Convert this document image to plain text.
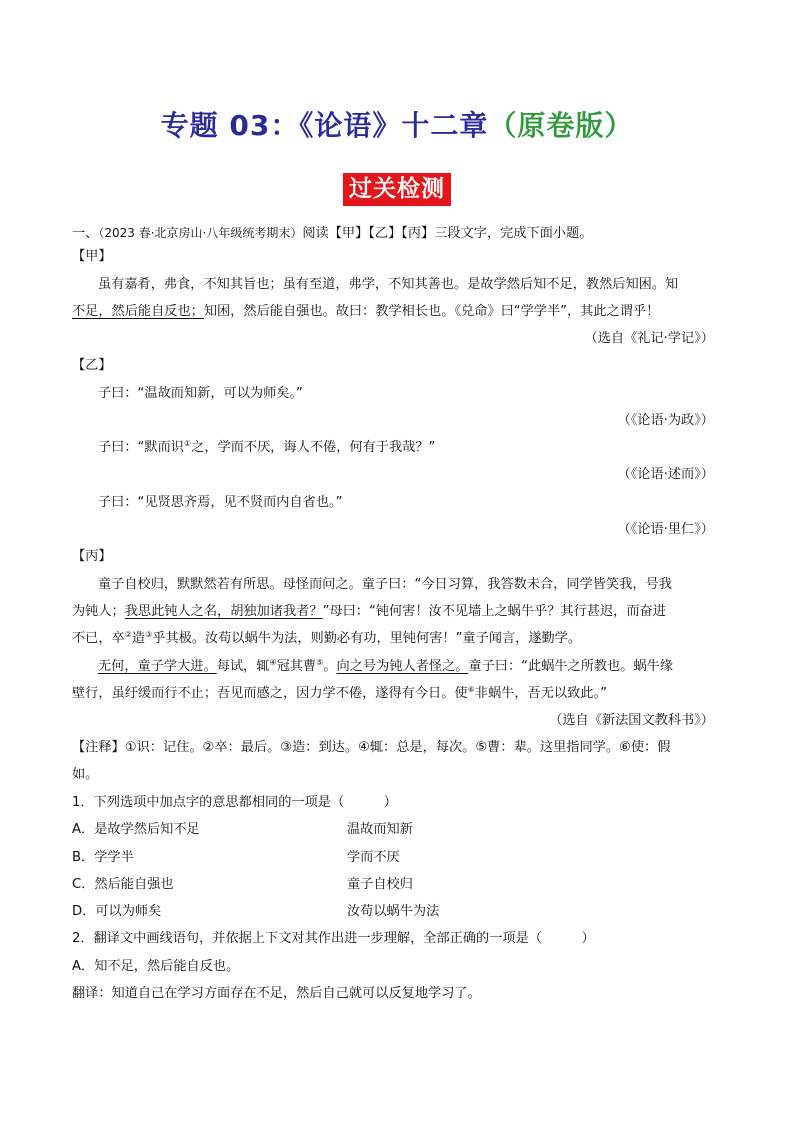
专题 03：《论语》十二章（原卷版）
过关检测
一、（2023 春·北京房山·八年级统考期末）阅读【甲】【乙】【丙】三段文字，完成下面小题。
【甲】
虽有嘉肴，弗食，不知其旨也；虽有至道，弗学，不知其善也。是故学然后知不足，教然后知困。知
不足，然后能自反也；知困，然后能自强也。故曰：教学相长也。《兑命》曰“学学半”，其此之谓乎！
（选自《礼记·学记》）
【乙】
子曰：“温故而知新，可以为师矣。”
（《论语·为政》）
子曰：“默而识①之，学而不厌，诲人不倦，何有于我哉？”
（《论语·述而》）
子曰：“见贤思齐焉，见不贤而内自省也。”
（《论语·里仁》）
【丙】
童子自校归，默默然若有所思。母怪而问之。童子曰：“今日习算，我答数未合，同学皆笑我，号我
为钝人；我思此钝人之名，胡独加诸我者？”母曰：“钝何害！汝不见墙上之蜗牛乎？其行甚迟，而奋进
不已，卒②造③乎其极。汝苟以蜗牛为法，则勤必有功，里钝何害！”童子闻言，遂勤学。
无何，童子学大进。每试，辄④冠其曹⑤。向之号为钝人者怪之。童子曰：“此蜗牛之所教也。蜗牛缘
壁行，虽纡缓而行不止；吾见而感之，因力学不倦，遂得有今日。使⑥非蜗牛，吾无以致此。”
（选自《新法国文教科书》）
【注释】①识：记住。②卒：最后。③造：到达。④辄：总是，每次。⑤曹：辈。这里指同学。⑥使：假
如。
1．下列选项中加点字的意思都相同的一项是（　　　）
A．是故学然后知不足	温故而知新
B．学学半	学而不厌
C．然后能自强也	童子自校归
D．可以为师矣	汝苟以蜗牛为法
2．翻译文中画线语句，并依据上下文对其作出进一步理解，全部正确的一项是（　　　）
A．知不足，然后能自反也。
翻译：知道自己在学习方面存在不足，然后自己就可以反复地学习了。
